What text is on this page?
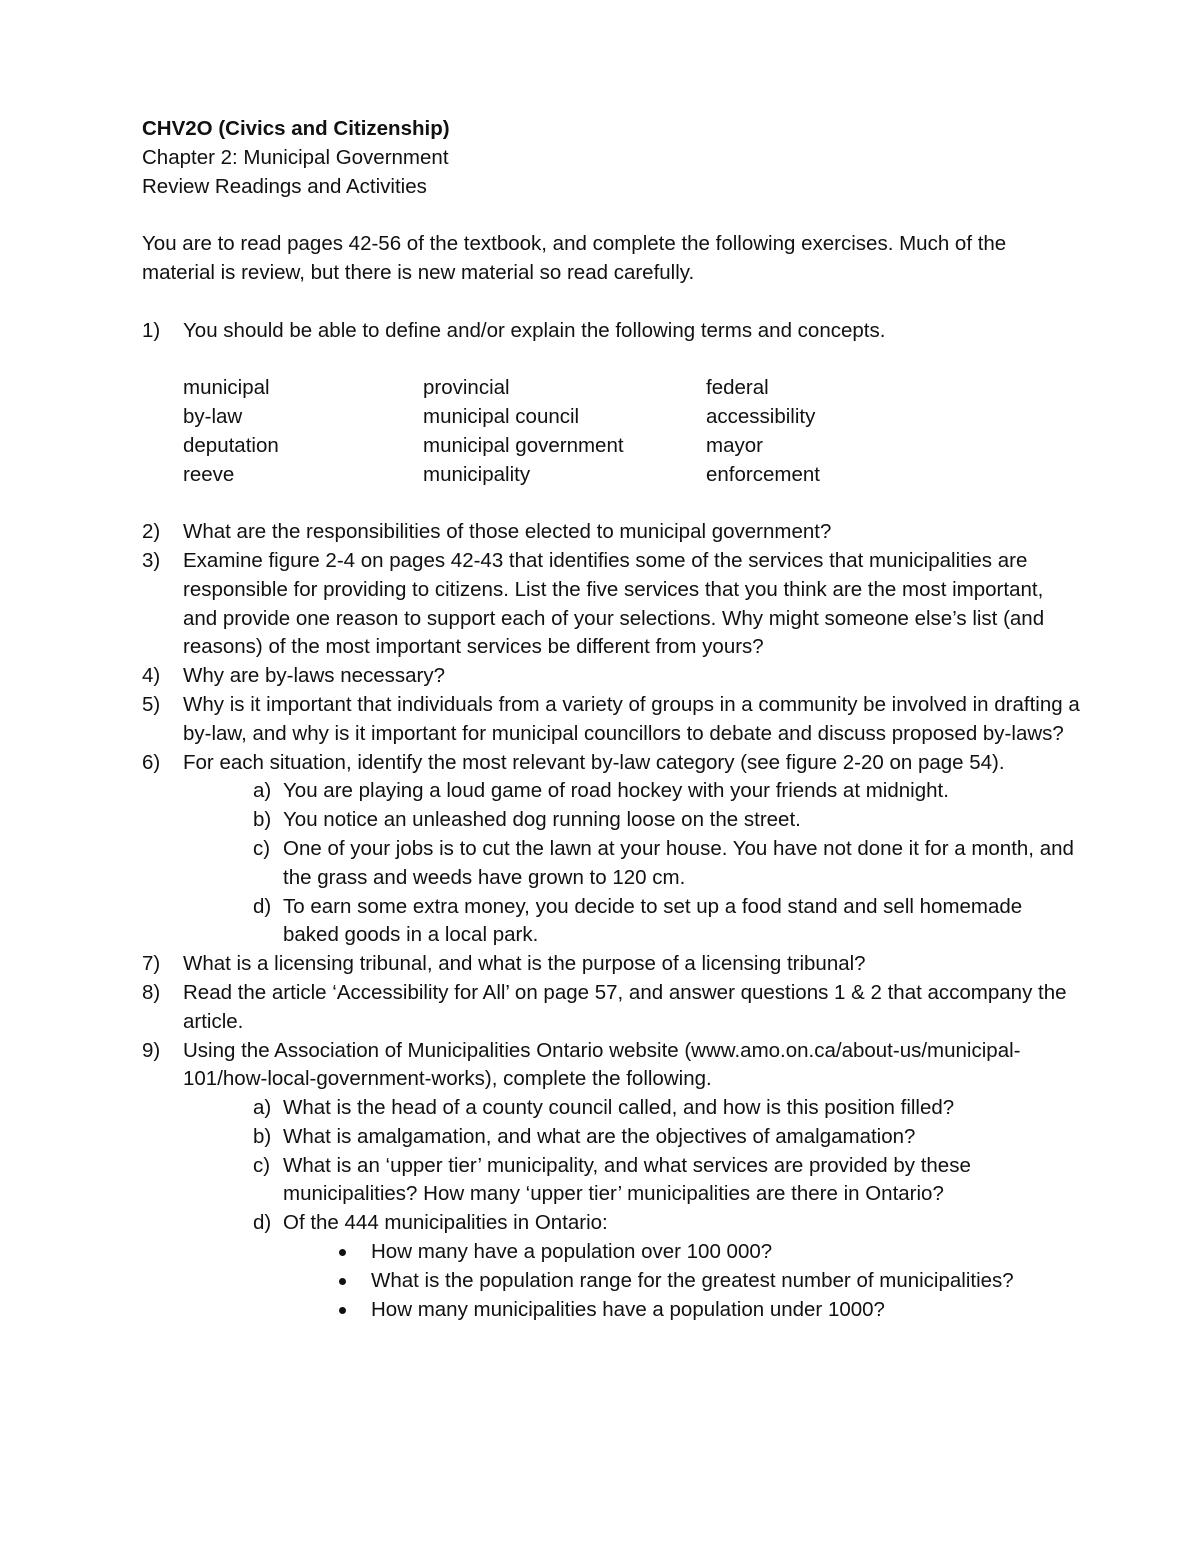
CHV2O (Civics and Citizenship)
Chapter 2: Municipal Government
Review Readings and Activities
You are to read pages 42-56 of the textbook, and complete the following exercises. Much of the material is review, but there is new material so read carefully.
1)	You should be able to define and/or explain the following terms and concepts.
municipal	provincial	federal
by-law	municipal council	accessibility
deputation	municipal government	mayor
reeve	municipality	enforcement
2)	What are the responsibilities of those elected to municipal government?
3)	Examine figure 2-4 on pages 42-43 that identifies some of the services that municipalities are responsible for providing to citizens. List the five services that you think are the most important, and provide one reason to support each of your selections. Why might someone else’s list (and reasons) of the most important services be different from yours?
4)	Why are by-laws necessary?
5)	Why is it important that individuals from a variety of groups in a community be involved in drafting a by-law, and why is it important for municipal councillors to debate and discuss proposed by-laws?
6)	For each situation, identify the most relevant by-law category (see figure 2-20 on page 54).
a) You are playing a loud game of road hockey with your friends at midnight.
b) You notice an unleashed dog running loose on the street.
c) One of your jobs is to cut the lawn at your house. You have not done it for a month, and the grass and weeds have grown to 120 cm.
d) To earn some extra money, you decide to set up a food stand and sell homemade baked goods in a local park.
7)	What is a licensing tribunal, and what is the purpose of a licensing tribunal?
8)	Read the article ‘Accessibility for All’ on page 57, and answer questions 1 & 2 that accompany the article.
9)	Using the Association of Municipalities Ontario website (www.amo.on.ca/about-us/municipal-101/how-local-government-works), complete the following.
a) What is the head of a county council called, and how is this position filled?
b) What is amalgamation, and what are the objectives of amalgamation?
c) What is an ‘upper tier’ municipality, and what services are provided by these municipalities? How many ‘upper tier’ municipalities are there in Ontario?
d) Of the 444 municipalities in Ontario:
How many have a population over 100 000?
What is the population range for the greatest number of municipalities?
How many municipalities have a population under 1000?
